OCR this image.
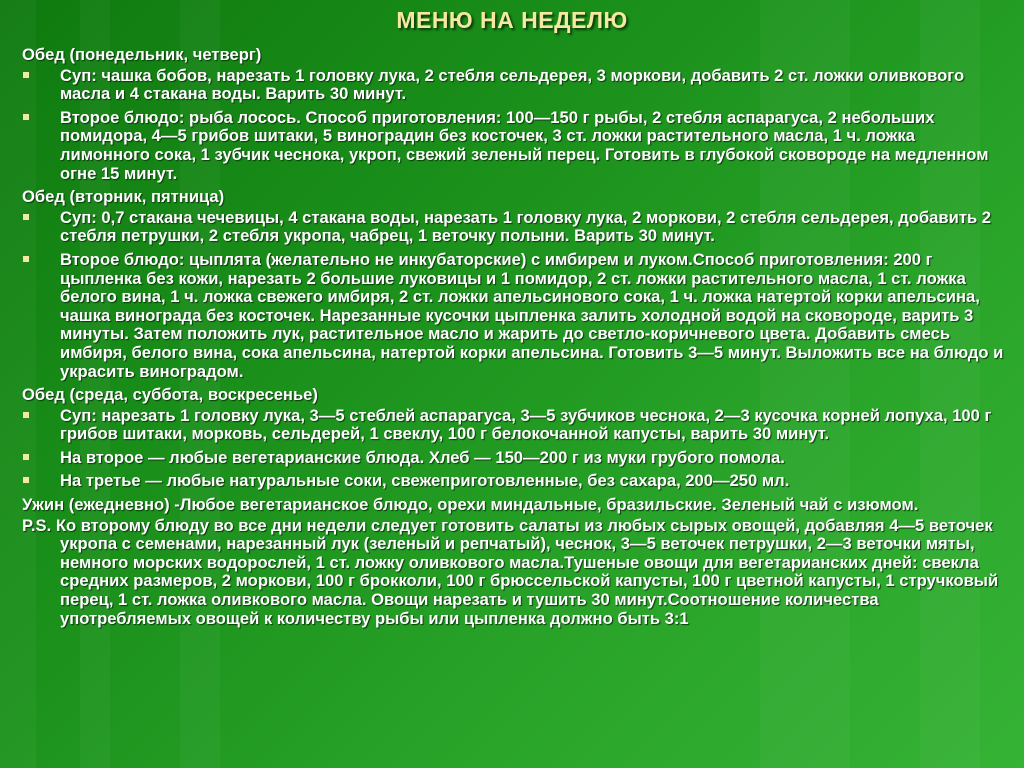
МЕНЮ НА НЕДЕЛЮ
Обед (понедельник, четверг)
Суп: чашка бобов, нарезать 1 головку лука, 2 стебля сельдерея, 3 моркови, добавить 2 ст. ложки оливкового масла и 4 стакана воды. Варить 30 минут.
Второе блюдо: рыба лосось. Способ приготовления: 100—150 г рыбы, 2 стебля аспарагуса, 2 небольших помидора, 4—5 грибов шитаки, 5 виноградин без косточек, 3 ст. ложки растительного масла, 1 ч. ложка лимонного сока, 1 зубчик чеснока, укроп, свежий зеленый перец. Готовить в глубокой сковороде на медленном огне 15 минут.
Обед (вторник, пятница)
Суп: 0,7 стакана чечевицы, 4 стакана воды, нарезать 1 головку лука, 2 моркови, 2 стебля сельдерея, добавить 2 стебля петрушки, 2 стебля укропа, чабрец, 1 веточку полыни. Варить 30 минут.
Второе блюдо: цыплята (желательно не инкубаторские) с имбирем и луком.Способ приготовления: 200 г цыпленка без кожи, нарезать 2 большие луковицы и 1 помидор, 2 ст. ложки растительного масла, 1 ст. ложка белого вина, 1 ч. ложка свежего имбиря, 2 ст. ложки апельсинового сока, 1 ч. ложка натертой корки апельсина, чашка винограда без косточек. Нарезанные кусочки цыпленка залить холодной водой на сковороде, варить 3 минуты. Затем положить лук, растительное масло и жарить до светло-коричневого цвета. Добавить смесь имбиря, белого вина, сока апельсина, натертой корки апельсина. Готовить 3—5 минут. Выложить все на блюдо и украсить виноградом.
Обед (среда, суббота, воскресенье)
Суп: нарезать 1 головку лука, 3—5 стеблей аспарагуса, 3—5 зубчиков чеснока, 2—3 кусочка корней лопуха, 100 г грибов шитаки, морковь, сельдерей, 1 свеклу, 100 г белокочанной капусты, варить 30 минут.
На второе — любые вегетарианские блюда. Хлеб — 150—200 г из муки грубого помола.
На третье — любые натуральные соки, свежеприготовленные, без сахара, 200—250 мл.
Ужин (ежедневно) -Любое вегетарианское блюдо, орехи миндальные, бразильские. Зеленый чай с изюмом.
P.S. Ко второму блюду во все дни недели следует готовить салаты из любых сырых овощей, добавляя 4—5 веточек укропа с семенами, нарезанный лук (зеленый и репчатый), чеснок, 3—5 веточек петрушки, 2—3 веточки мяты, немного морских водорослей, 1 ст. ложку оливкового масла.Тушеные овощи для вегетарианских дней: свекла средних размеров, 2 моркови, 100 г брокколи, 100 г брюссельской капусты, 100 г цветной капусты, 1 стручковый перец, 1 ст. ложка оливкового масла. Овощи нарезать и тушить 30 минут.Соотношение количества употребляемых овощей к количеству рыбы или цыпленка должно быть 3:1
